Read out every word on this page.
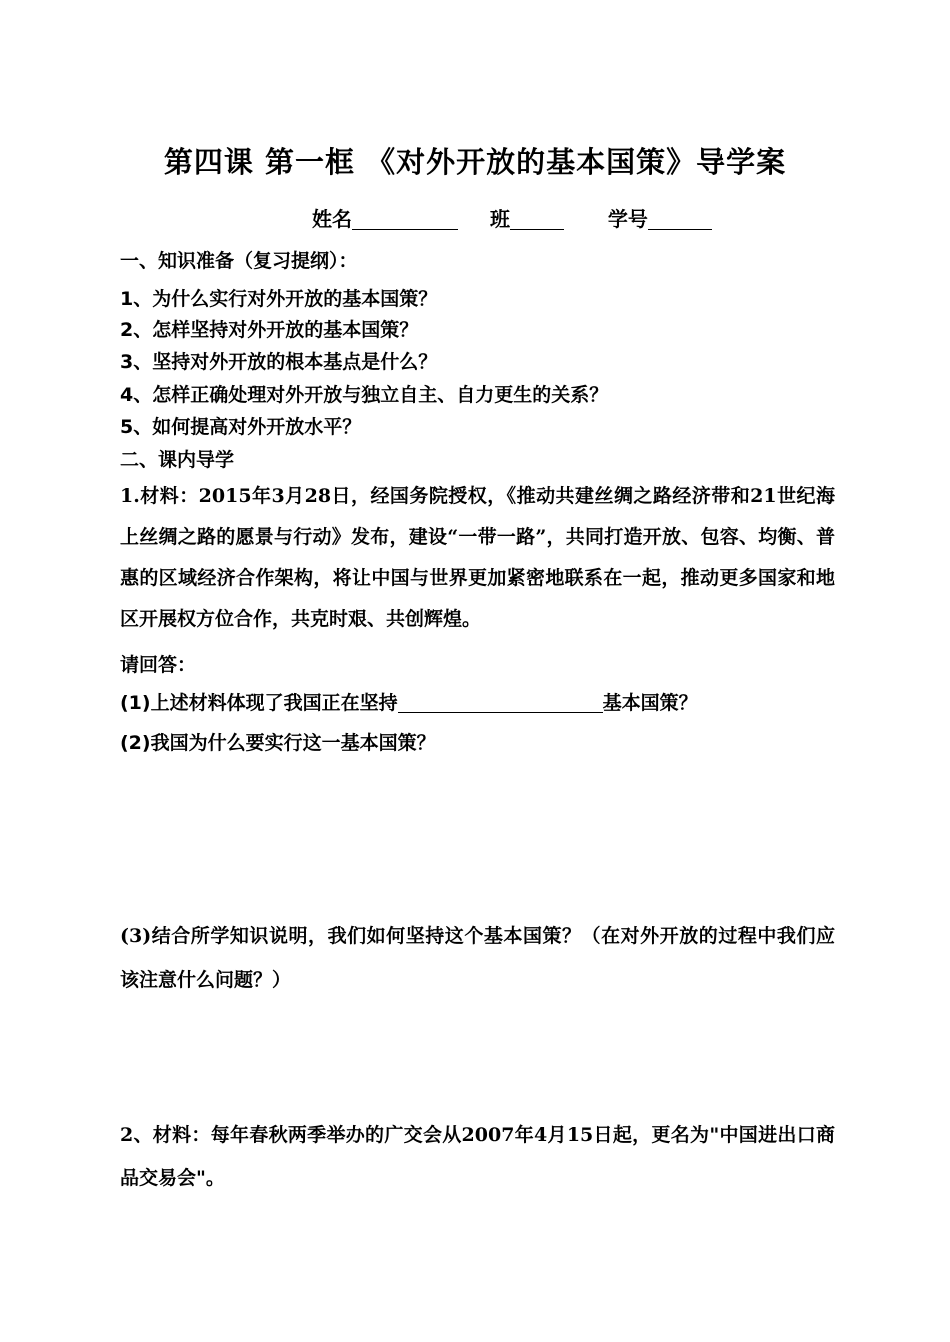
第四课 第一框 《对外开放的基本国策》导学案
姓名	班	学号
一、知识准备（复习提纲）：
1、为什么实行对外开放的基本国策？
2、怎样坚持对外开放的基本国策？
3、坚持对外开放的根本基点是什么？
4、怎样正确处理对外开放与独立自主、自力更生的关系？
5、如何提高对外开放水平？
二、课内导学
1.材料：2015年3月28日，经国务院授权，《推动共建丝绸之路经济带和21世纪海上丝绸之路的愿景与行动》发布，建设“一带一路”，共同打造开放、包容、均衡、普惠的区域经济合作架构，将让中国与世界更加紧密地联系在一起，推动更多国家和地区开展权方位合作，共克时艰、共创辉煌。
请回答：
(1)上述材料体现了我国正在坚持	基本国策？
(2)我国为什么要实行这一基本国策？
(3)结合所学知识说明，我们如何坚持这个基本国策？（在对外开放的过程中我们应该注意什么问题？）
2、材料：每年春秋两季举办的广交会从2007年4月15日起，更名为"中国进出口商品交易会"。
